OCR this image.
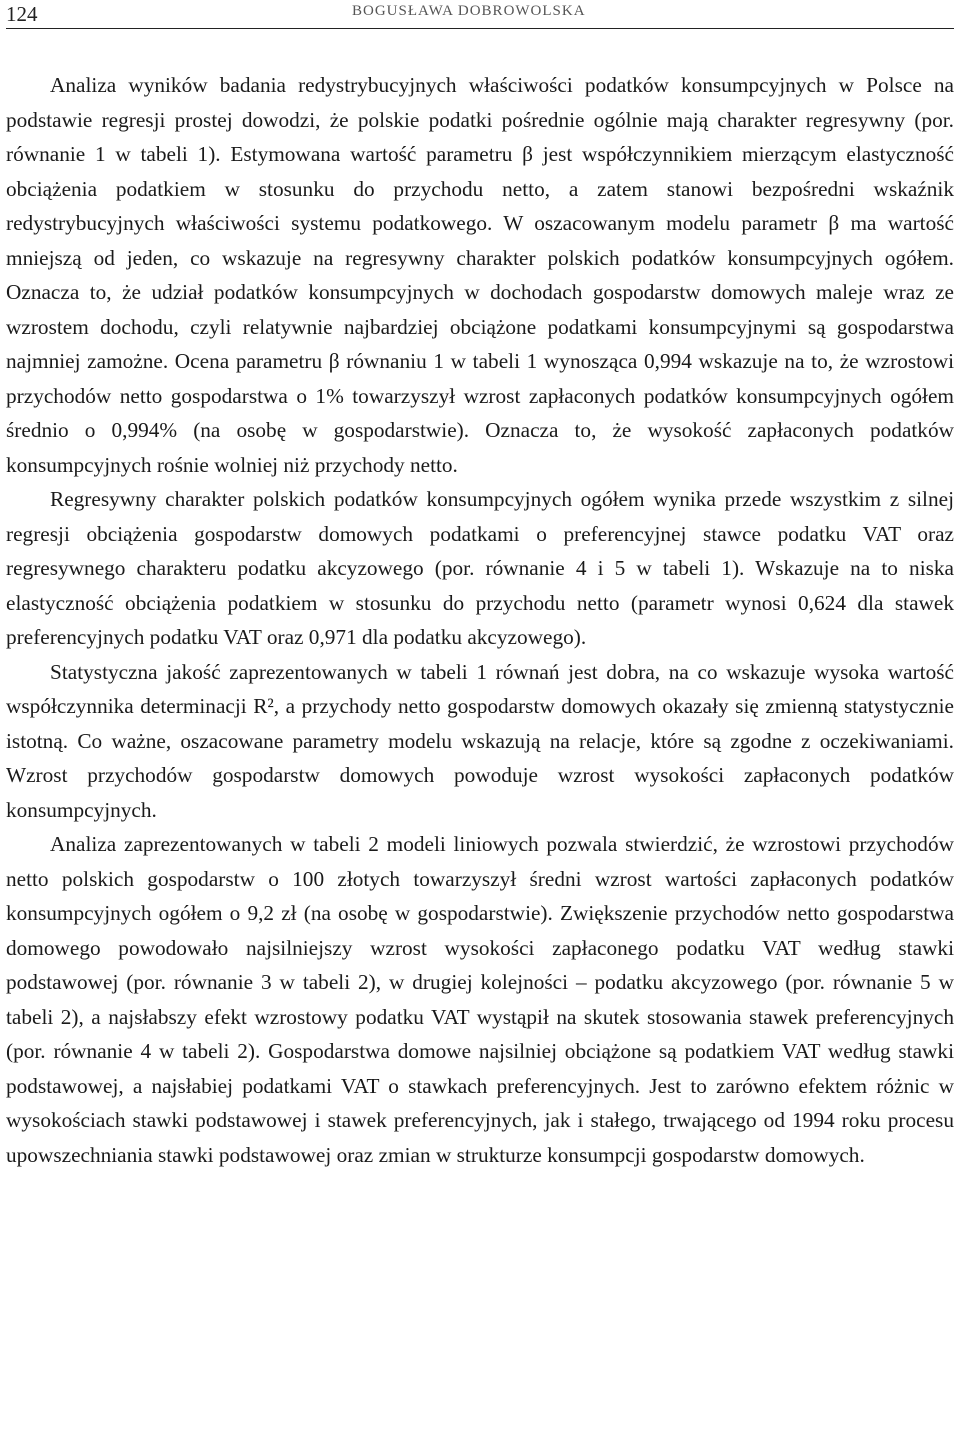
124	BOGUSŁAWA DOBROWOLSKA

Analiza wyników badania redystrybucyjnych właściwości podatków konsumpcyjnych w Polsce na podstawie regresji prostej dowodzi, że polskie podatki pośrednie ogólnie mają charakter regresywny (por. równanie 1 w tabeli 1). Estymowana wartość parametru β jest współczynnikiem mierzącym elastyczność obciążenia podatkiem w stosunku do przychodu netto, a zatem stanowi bezpośredni wskaźnik redystrybucyjnych właściwości systemu podatkowego. W oszacowanym modelu parametr β ma wartość mniejszą od jeden, co wskazuje na regresywny charakter polskich podatków konsumpcyjnych ogółem. Oznacza to, że udział podatków konsumpcyjnych w dochodach gospodarstw domowych maleje wraz ze wzrostem dochodu, czyli relatywnie najbardziej obciążone podatkami konsumpcyjnymi są gospodarstwa najmniej zamożne. Ocena parametru β równaniu 1 w tabeli 1 wynosząca 0,994 wskazuje na to, że wzrostowi przychodów netto gospodarstwa o 1% towarzyszył wzrost zapłaconych podatków konsumpcyjnych ogółem średnio o 0,994% (na osobę w gospodarstwie). Oznacza to, że wysokość zapłaconych podatków konsumpcyjnych rośnie wolniej niż przychody netto.

Regresywny charakter polskich podatków konsumpcyjnych ogółem wynika przede wszystkim z silnej regresji obciążenia gospodarstw domowych podatkami o preferencyjnej stawce podatku VAT oraz regresywnego charakteru podatku akcyzowego (por. równanie 4 i 5 w tabeli 1). Wskazuje na to niska elastyczność obciążenia podatkiem w stosunku do przychodu netto (parametr wynosi 0,624 dla stawek preferencyjnych podatku VAT oraz 0,971 dla podatku akcyzowego).

Statystyczna jakość zaprezentowanych w tabeli 1 równań jest dobra, na co wskazuje wysoka wartość współczynnika determinacji R², a przychody netto gospodarstw domowych okazały się zmienną statystycznie istotną. Co ważne, oszacowane parametry modelu wskazują na relacje, które są zgodne z oczekiwaniami. Wzrost przychodów gospodarstw domowych powoduje wzrost wysokości zapłaconych podatków konsumpcyjnych.

Analiza zaprezentowanych w tabeli 2 modeli liniowych pozwala stwierdzić, że wzrostowi przychodów netto polskich gospodarstw o 100 złotych towarzyszył średni wzrost wartości zapłaconych podatków konsumpcyjnych ogółem o 9,2 zł (na osobę w gospodarstwie). Zwiększenie przychodów netto gospodarstwa domowego powodowało najsilniejszy wzrost wysokości zapłaconego podatku VAT według stawki podstawowej (por. równanie 3 w tabeli 2), w drugiej kolejności – podatku akcyzowego (por. równanie 5 w tabeli 2), a najsłabszy efekt wzrostowy podatku VAT wystąpił na skutek stosowania stawek preferencyjnych (por. równanie 4 w tabeli 2). Gospodarstwa domowe najsilniej obciążone są podatkiem VAT według stawki podstawowej, a najsłabiej podatkami VAT o stawkach preferencyjnych. Jest to zarówno efektem różnic w wysokościach stawki podstawowej i stawek preferencyjnych, jak i stałego, trwającego od 1994 roku procesu upowszechniania stawki podstawowej oraz zmian w strukturze konsumpcji gospodarstw domowych.
